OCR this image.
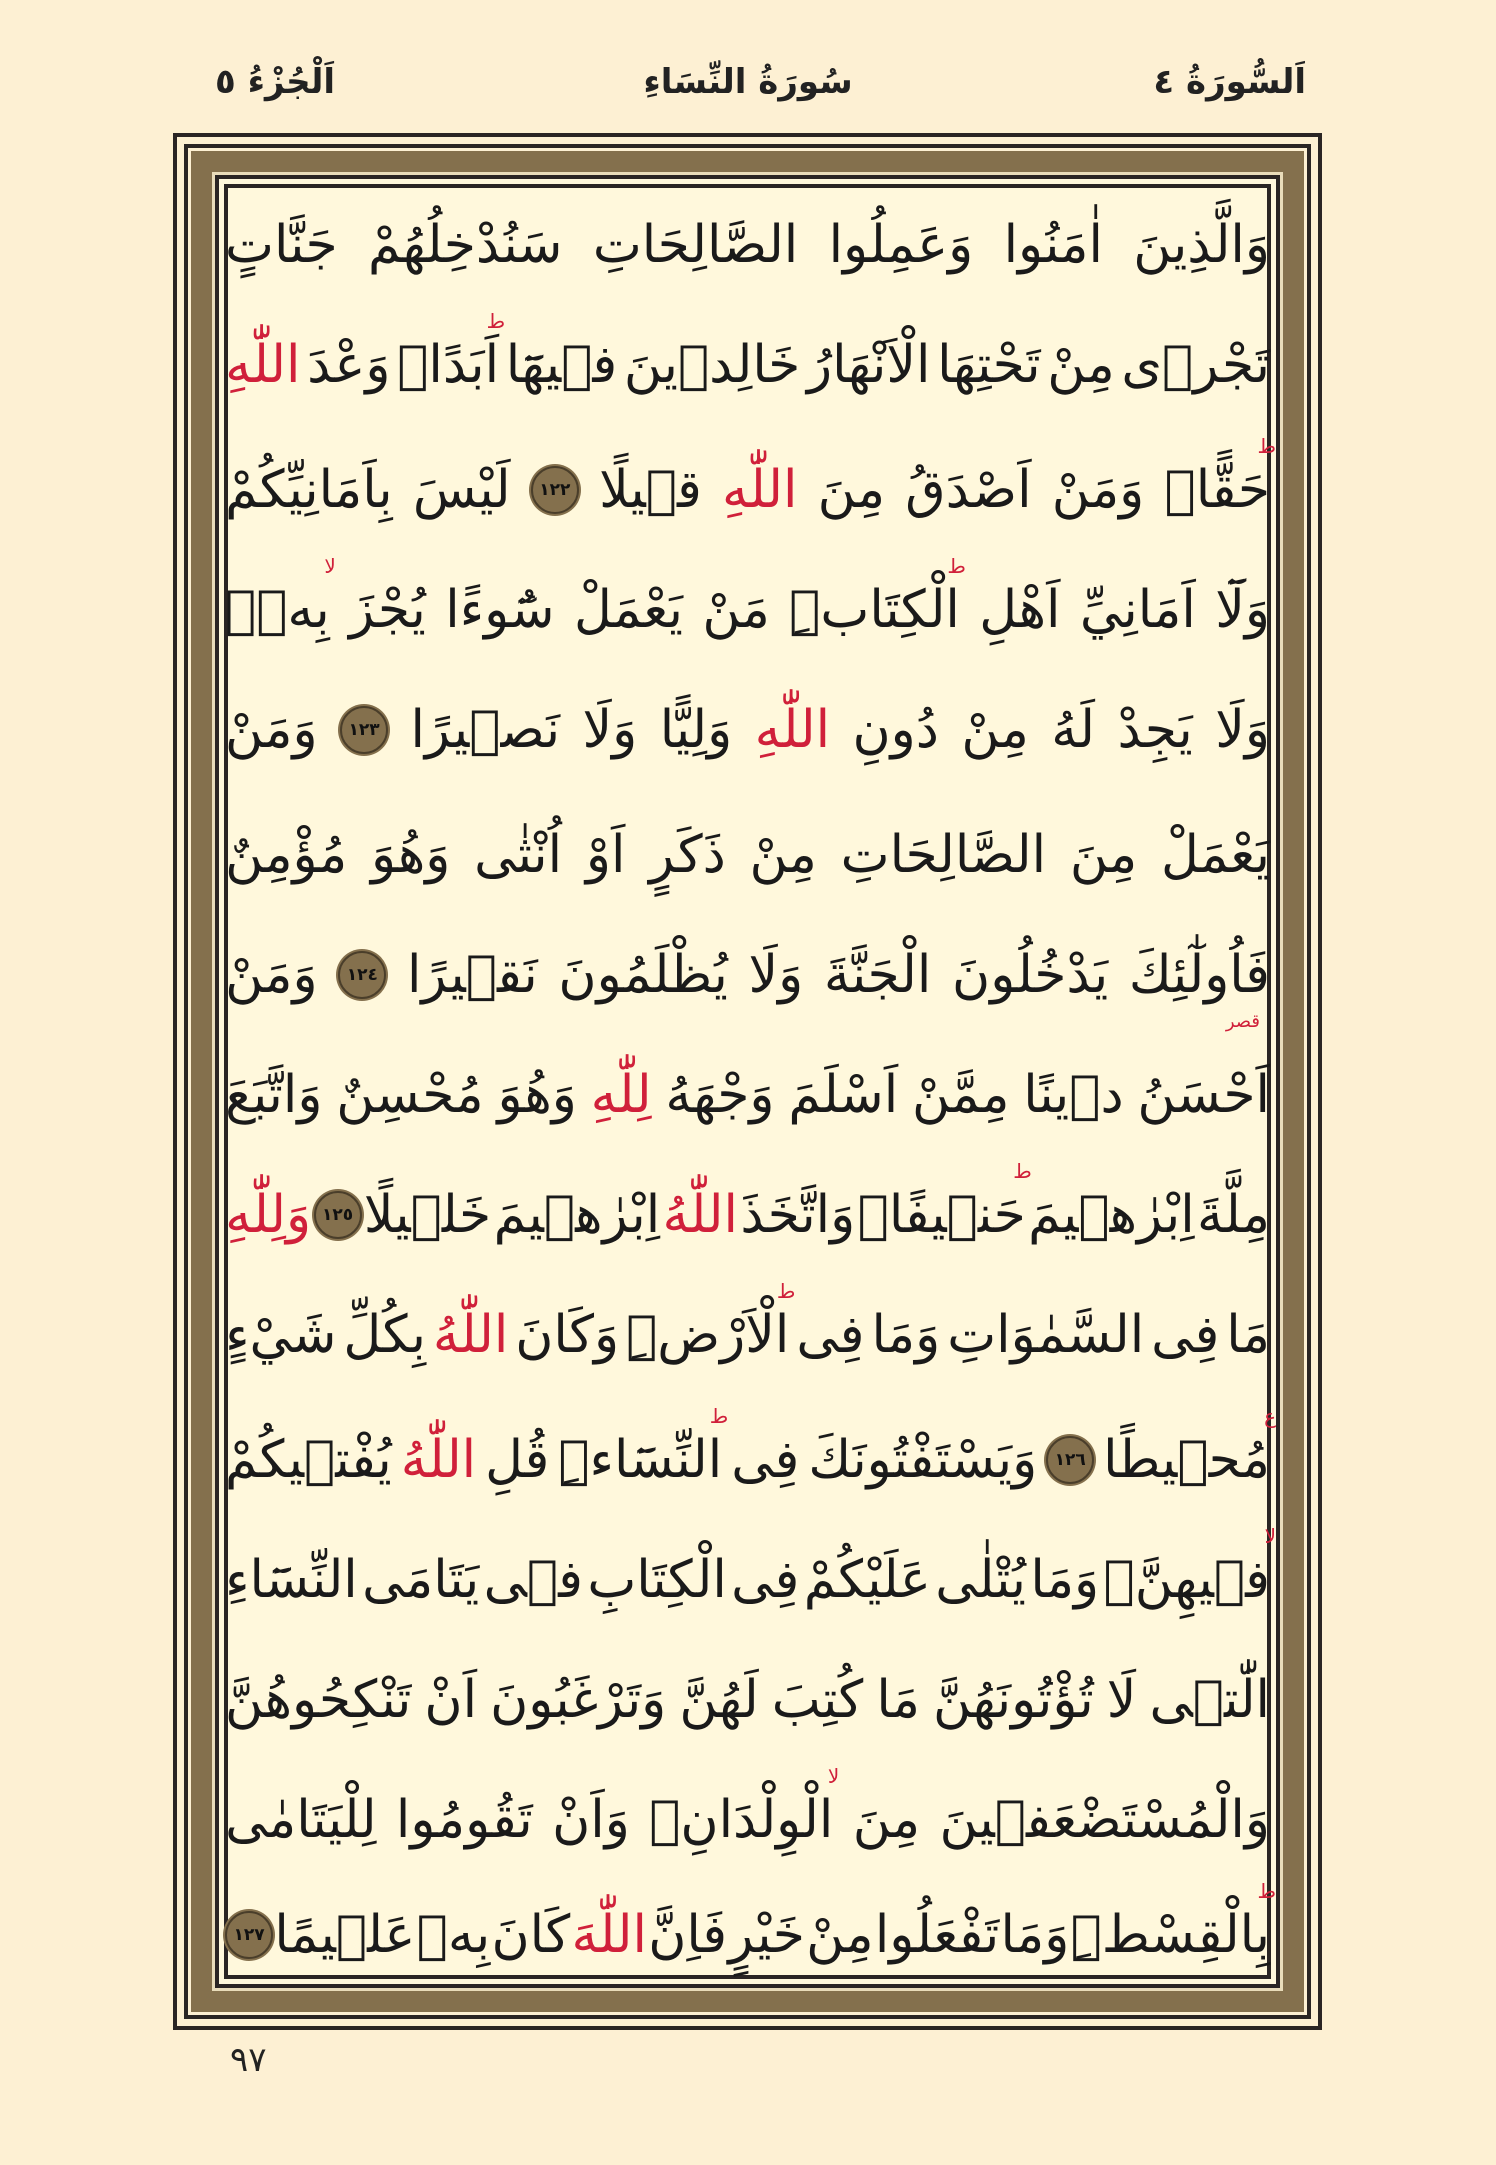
اَلسُّورَةُ ٤
سُورَةُ النِّسَاءِ
اَلْجُزْءُ ٥
وَالَّذِينَ
اٰمَنُوا
وَعَمِلُوا
الصَّالِحَاتِ
سَنُدْخِلُهُمْ
جَنَّاتٍ
تَجْرٖى
مِنْ
تَحْتِهَا
الْاَنْهَارُ
خَالِدٖينَ
فٖيهَٓا
اَبَدًاۜ
ط
وَعْدَ
اللّٰهِ
حَقًّاۜ
ط
وَمَنْ
اَصْدَقُ
مِنَ
اللّٰهِ
قٖيلًا
١٢٢
لَيْسَ
بِاَمَانِيِّكُمْ
وَلَٓا
اَمَانِيِّ
اَهْلِ
الْكِتَابِۜ
ط
مَنْ
يَعْمَلْ
سُٓوءًا
يُجْزَ
بِهٖۙ
لا
وَلَا
يَجِدْ
لَهُ
مِنْ
دُونِ
اللّٰهِ
وَلِيًّا
وَلَا
نَصٖيرًا
١٢٣
وَمَنْ
يَعْمَلْ
مِنَ
الصَّالِحَاتِ
مِنْ
ذَكَرٍ
اَوْ
اُنْثٰى
وَهُوَ
مُؤْمِنٌ
فَاُولٰٓئِكَ
يَدْخُلُونَ
الْجَنَّةَ
وَلَا
يُظْلَمُونَ
نَقٖيرًا
١٢٤
وَمَنْ
قصر
اَحْسَنُ
دٖينًا
مِمَّنْ
اَسْلَمَ
وَجْهَهُ
لِلّٰهِ
وَهُوَ
مُحْسِنٌ
وَاتَّبَعَ
مِلَّةَ
اِبْرٰهٖيمَ
حَنٖيفًاۜ
ط
وَاتَّخَذَ
اللّٰهُ
اِبْرٰهٖيمَ
خَلٖيلًا
١٢٥
وَلِلّٰهِ
مَا
فِى
السَّمٰوَاتِ
وَمَا
فِى
الْاَرْضِۜ
ط
وَكَانَ
اللّٰهُ
بِكُلِّ
شَيْءٍ
مُحٖيطًا
ع
١٢٦
وَيَسْتَفْتُونَكَ
فِى
النِّسَٓاءِۜ
ط
قُلِ
اللّٰهُ
يُفْتٖيكُمْ
فٖيهِنَّۙ
لا
وَمَا
يُتْلٰى
عَلَيْكُمْ
فِى
الْكِتَابِ
فٖى
يَتَامَى
النِّسَٓاءِ
الّٰتٖى
لَا
تُؤْتُونَهُنَّ
مَا
كُتِبَ
لَهُنَّ
وَتَرْغَبُونَ
اَنْ
تَنْكِحُوهُنَّ
وَالْمُسْتَضْعَفٖينَ
مِنَ
الْوِلْدَانِۙ
لا
وَاَنْ
تَقُومُوا
لِلْيَتَامٰى
بِالْقِسْطِۜ
ط
وَمَا
تَفْعَلُوا
مِنْ
خَيْرٍ
فَاِنَّ
اللّٰهَ
كَانَ
بِهٖ
عَلٖيمًا
١٢٧
٩٧
